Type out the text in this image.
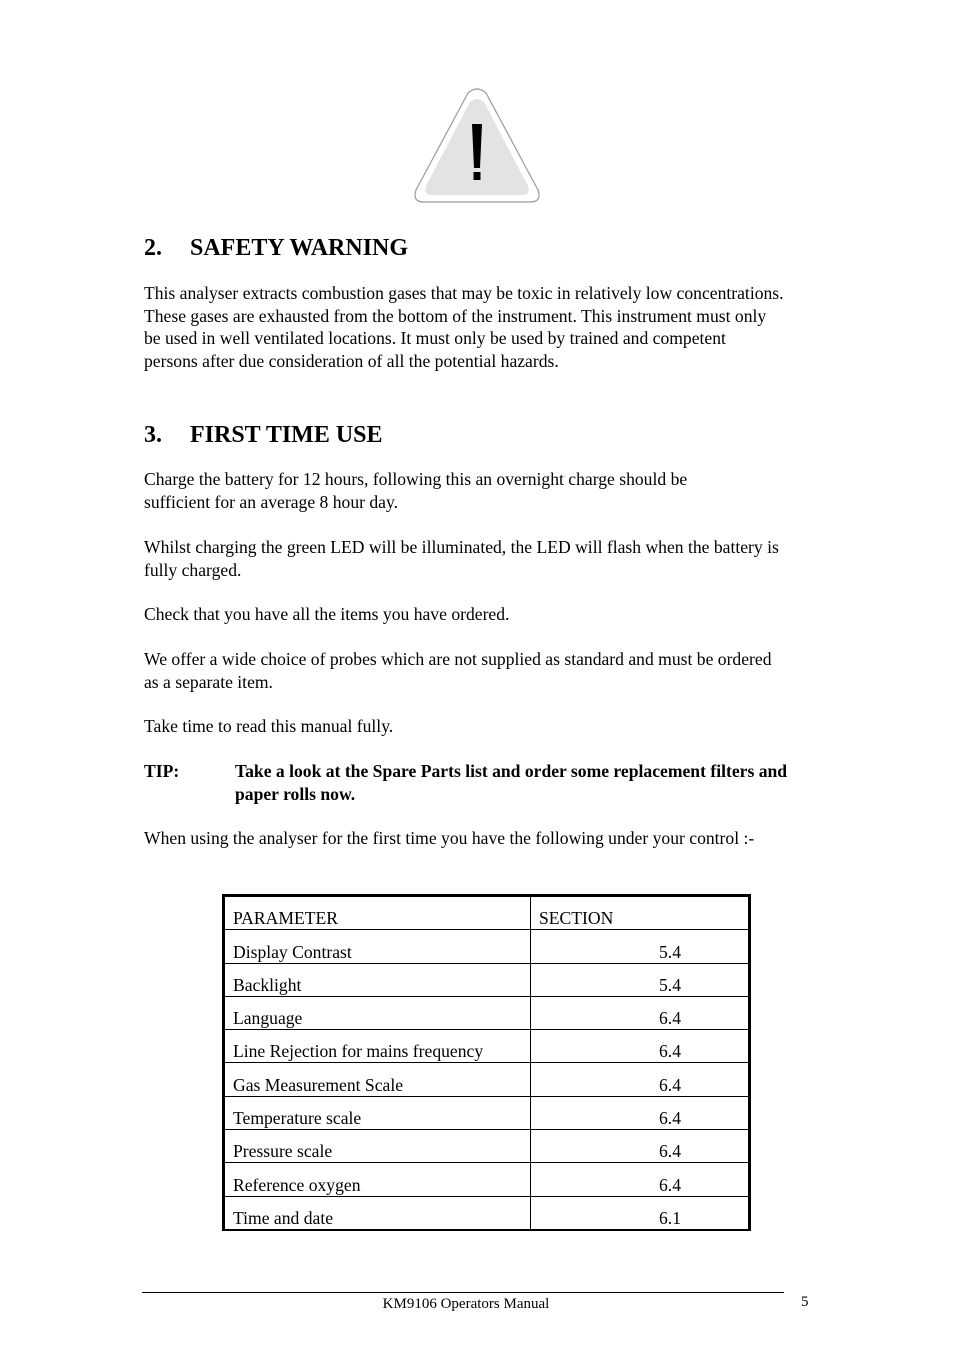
2. SAFETY WARNING

This analyser extracts combustion gases that may be toxic in relatively low concentrations. These gases are exhausted from the bottom of the instrument. This instrument must only be used in well ventilated locations. It must only be used by trained and competent persons after due consideration of all the potential hazards.

3. FIRST TIME USE

Charge the battery for 12 hours, following this an overnight charge should be sufficient for an average 8 hour day.

Whilst charging the green LED will be illuminated, the LED will flash when the battery is fully charged.

Check that you have all the items you have ordered.

We offer a wide choice of probes which are not supplied as standard and must be ordered as a separate item.

Take time to read this manual fully.

TIP:	Take a look at the Spare Parts list and order some replacement filters and paper rolls now.

When using the analyser for the first time you have the following under your control :-

PARAMETER	SECTION
Display Contrast	5.4
Backlight	5.4
Language	6.4
Line Rejection for mains frequency	6.4
Gas Measurement Scale	6.4
Temperature scale	6.4
Pressure scale	6.4
Reference oxygen	6.4
Time and date	6.1
KM9106 Operators Manual	5
